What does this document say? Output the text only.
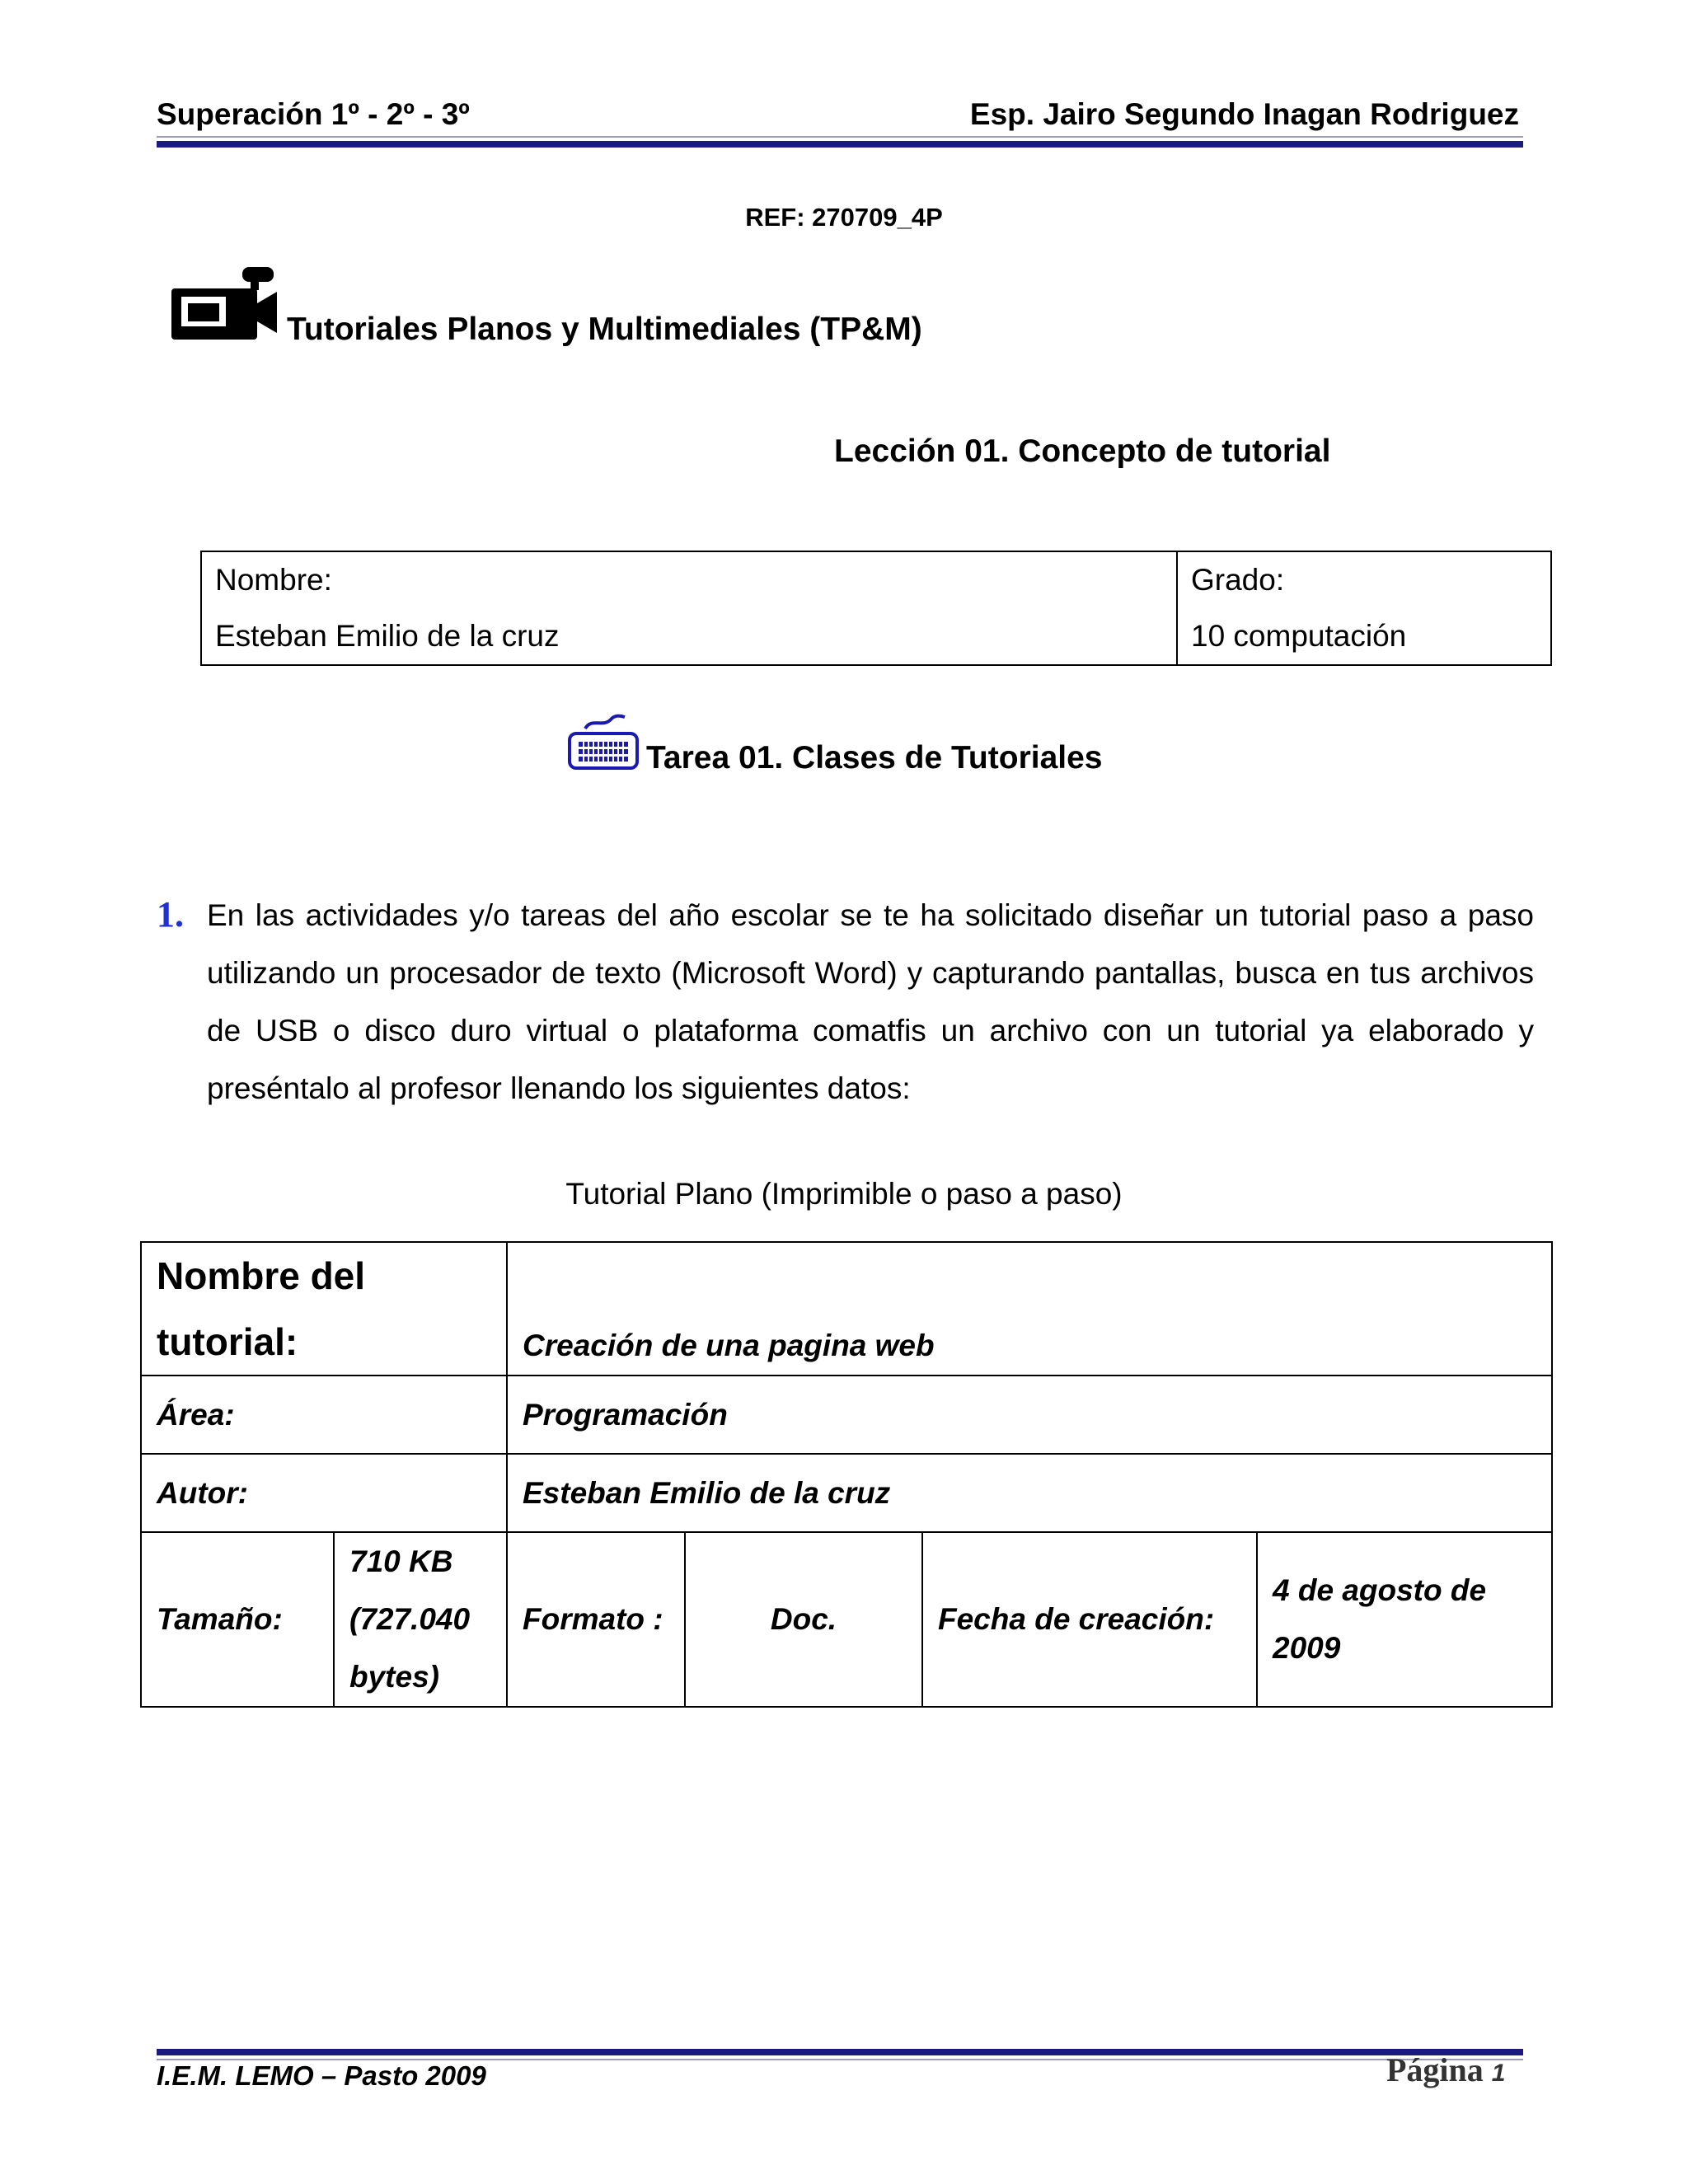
Superación 1º - 2º - 3º	Esp. Jairo Segundo Inagan Rodriguez
REF: 270709_4P
Tutoriales Planos y Multimediales (TP&M)
Lección 01. Concepto de tutorial
Nombre:
Esteban Emilio de la cruz

Grado:
10 computación
Tarea 01. Clases de Tutoriales
1. En las actividades y/o tareas del año escolar se te ha solicitado diseñar un tutorial paso a paso utilizando un procesador de texto (Microsoft Word) y capturando pantallas, busca en tus archivos de USB o disco duro virtual o plataforma comatfis un archivo con un tutorial ya elaborado y preséntalo al profesor llenando los siguientes datos:
Tutorial Plano (Imprimible o paso a paso)
Nombre del tutorial:		Creación de una pagina web			
Área:		Programación			
Autor:		Esteban Emilio de la cruz			
Tamaño:	710 KB (727.040 bytes)	Formato :	Doc.	Fecha de creación:	4 de agosto de 2009
I.E.M. LEMO – Pasto 2009	Página 1
